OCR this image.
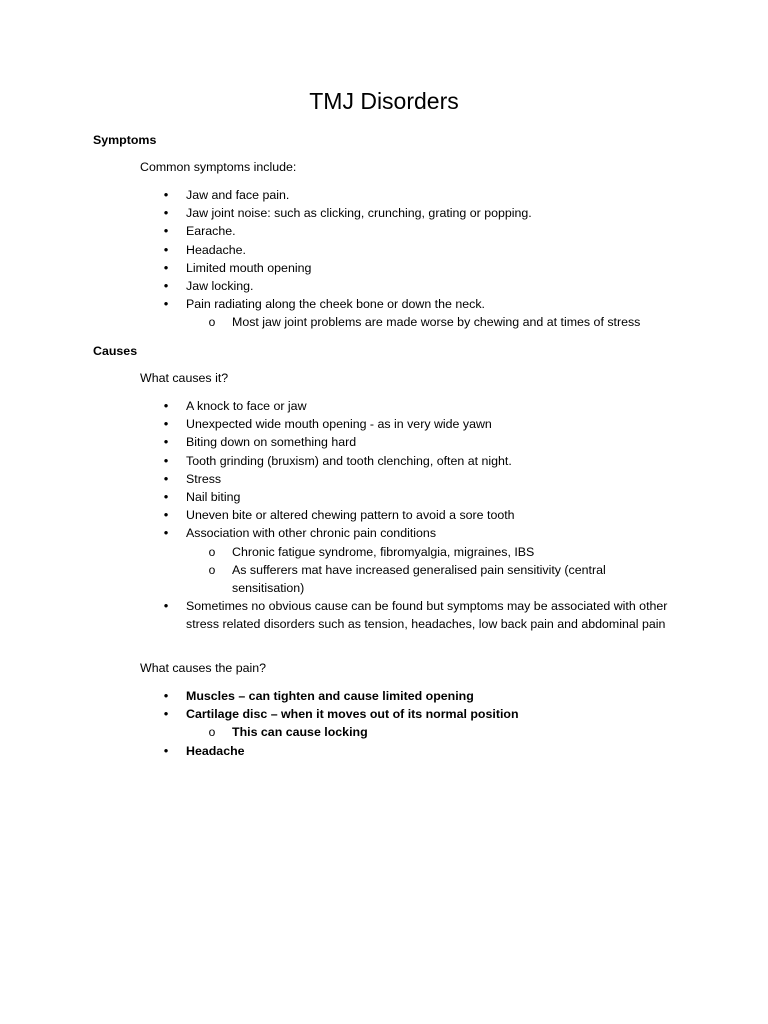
TMJ Disorders

Symptoms

Common symptoms include:

• Jaw and face pain.
• Jaw joint noise: such as clicking, crunching, grating or popping.
• Earache.
• Headache.
• Limited mouth opening
• Jaw locking.
• Pain radiating along the cheek bone or down the neck.
o Most jaw joint problems are made worse by chewing and at times of stress

Causes

What causes it?

• A knock to face or jaw
• Unexpected wide mouth opening - as in very wide yawn
• Biting down on something hard
• Tooth grinding (bruxism) and tooth clenching, often at night.
• Stress
• Nail biting
• Uneven bite or altered chewing pattern to avoid a sore tooth
• Association with other chronic pain conditions
o Chronic fatigue syndrome, fibromyalgia, migraines, IBS
o As sufferers mat have increased generalised pain sensitivity (central sensitisation)
• Sometimes no obvious cause can be found but symptoms may be associated with other stress related disorders such as tension, headaches, low back pain and abdominal pain

What causes the pain?

• Muscles – can tighten and cause limited opening
• Cartilage disc – when it moves out of its normal position
o This can cause locking
• Headache
